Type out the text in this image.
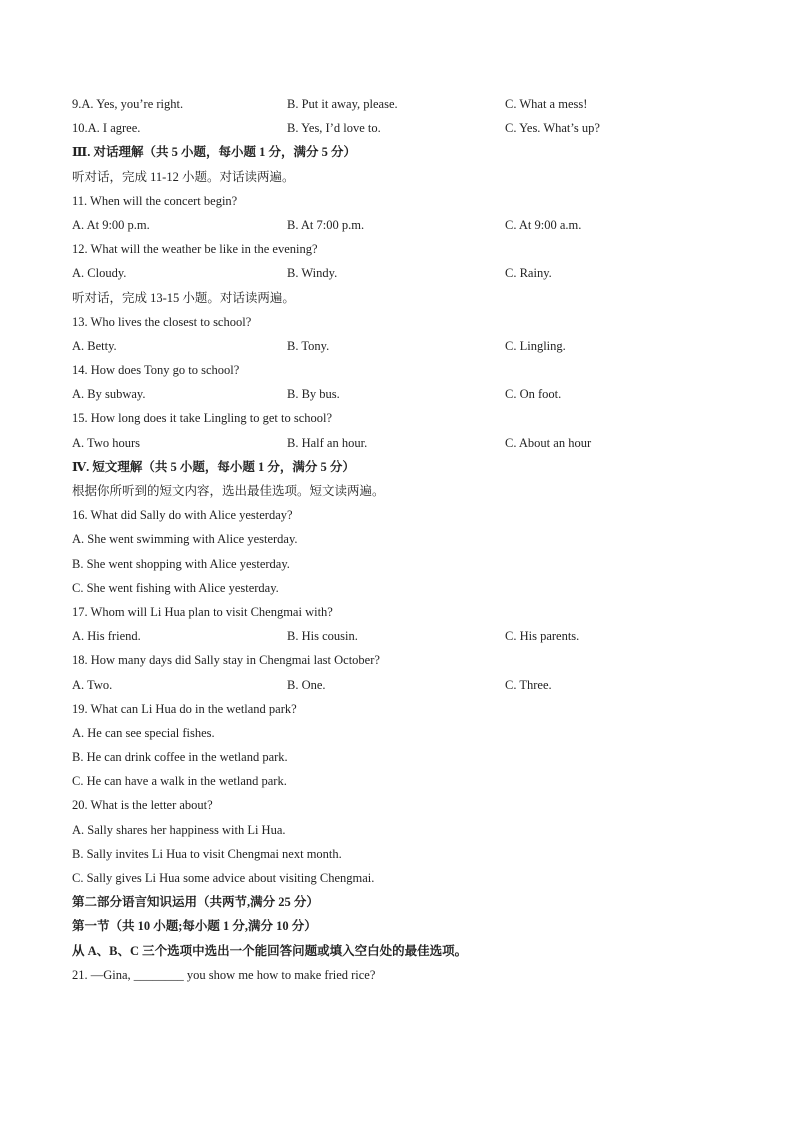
9.A. Yes, you’re right.	B. Put it away, please.	C. What a mess!
10.A. I agree.	B. Yes, I’d love to.	C. Yes. What’s up?
Ⅲ. 对话理解（共 5 小题，每小题 1 分，满分 5 分）
听对话，完成 11-12 小题。对话读两遍。
11. When will the concert begin?
A. At 9:00 p.m.	B. At 7:00 p.m.	C. At 9:00 a.m.
12. What will the weather be like in the evening?
A. Cloudy.	B. Windy.	C. Rainy.
听对话，完成 13-15 小题。对话读两遍。
13. Who lives the closest to school?
A. Betty.	B. Tony.	C. Lingling.
14. How does Tony go to school?
A. By subway.	B. By bus.	C. On foot.
15. How long does it take Lingling to get to school?
A. Two hours	B. Half an hour.	C. About an hour
Ⅳ. 短文理解（共 5 小题，每小题 1 分，满分 5 分）
根据你所听到的短文内容，选出最佳选项。短文读两遍。
16. What did Sally do with Alice yesterday?
A. She went swimming with Alice yesterday.
B. She went shopping with Alice yesterday.
C. She went fishing with Alice yesterday.
17. Whom will Li Hua plan to visit Chengmai with?
A. His friend.	B. His cousin.	C. His parents.
18. How many days did Sally stay in Chengmai last October?
A. Two.	B. One.	C. Three.
19. What can Li Hua do in the wetland park?
A. He can see special fishes.
B. He can drink coffee in the wetland park.
C. He can have a walk in the wetland park.
20. What is the letter about?
A. Sally shares her happiness with Li Hua.
B. Sally invites Li Hua to visit Chengmai next month.
C. Sally gives Li Hua some advice about visiting Chengmai.
第二部分语言知识运用（共两节,满分 25 分）
第一节（共 10 小题;每小题 1 分,满分 10 分）
从 A、B、C 三个选项中选出一个能回答问题或填入空白处的最佳选项。
21. —Gina, ________ you show me how to make fried rice?
